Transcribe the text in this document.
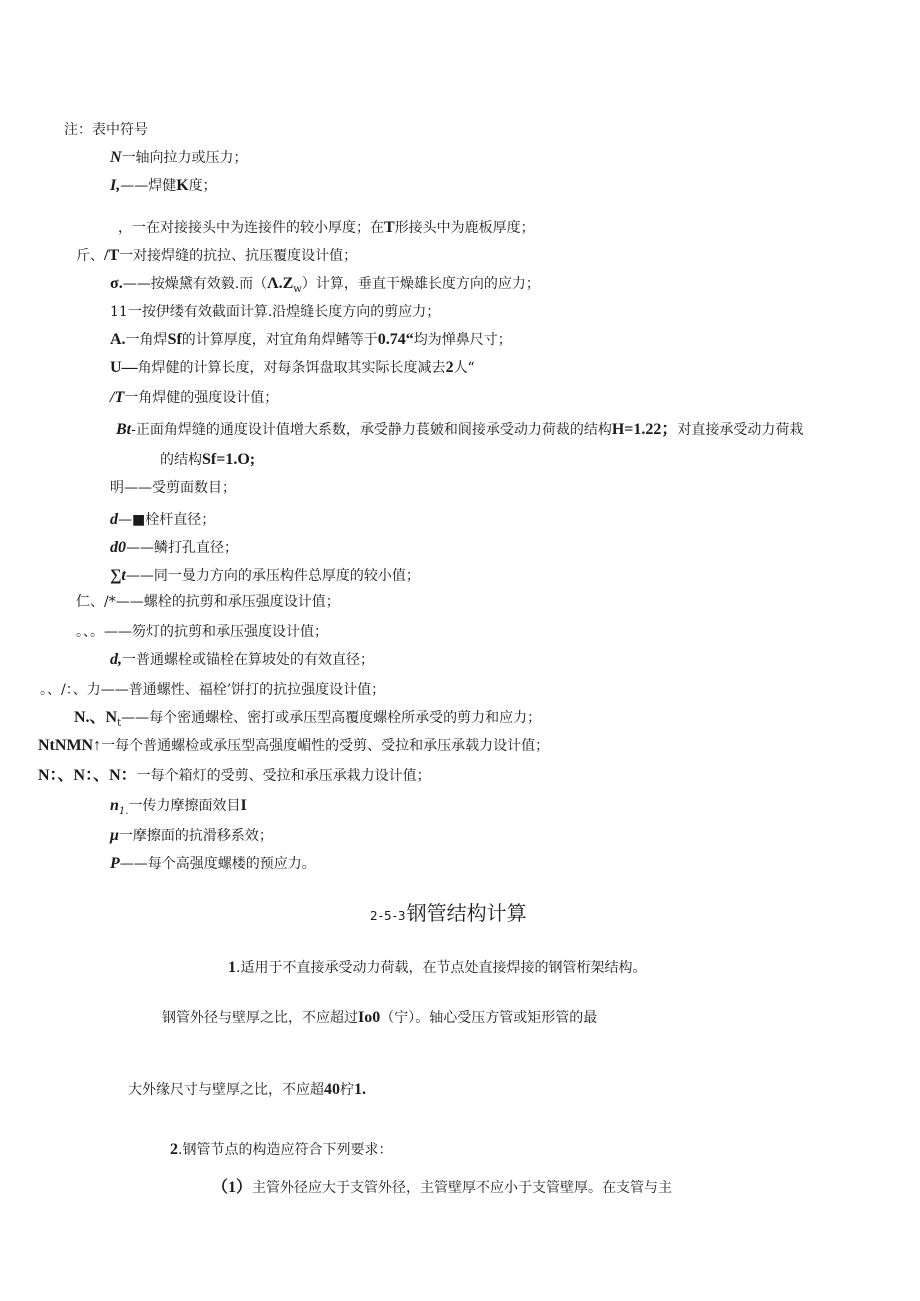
注：表中符号
N一轴向拉力或压力；
I,——焊健K度；
，一在对接接头中为连接件的较小厚度；在T形接头中为鹿板厚度；
斤、/T一对接焊缝的抗拉、抗压覆度设计值；
σ.——按燥黛有效毅.而$(\Lambda.Z_w)$计算，垂直干燥雄长度方向的应力；
11一按伊缕有效截面计算.沿煌缝长度方向的剪应力；
A.一角焊Sf的计算厚度，对宜角角焊鳍等于0.74“均为惮鼻尺寸；
U—角焊健的计算长度，对每条饵盘取其实际长度减去2人“
/T一角焊健的强度设计值；
Bt-正面角焊缝的通度设计值增大系数，承受静力萇皴和阆接承受动力荷裁的结构H=1.22；对直接承受动力荷栽
的结构Sf=1.O;
明——受剪面数目；
d—■栓杆直径；
d0——鳞打孔直径；
∑t——同一曼力方向的承压构件总厚度的较小值；
仁、/*——螺栓的抗剪和承压强度设计值；
。、。——笏灯的抗剪和承压强度设计值；
d,一普通螺栓或锚栓在算坡处的有效直径；
。、/：、力——普通螺性、福栓’饼打的抗拉强度设计值；
N.、$N_t——$每个密通螺栓、密打或承压型高覆度螺栓所承受的剪力和应力；
NtNMN↑一每个普通螺检或承压型高强度嵋性的受剪、受拉和承压承载力设计值；
N：、N：、N：一每个箱灯的受剪、受拉和承压承栽力设计值；
$n_{1.}$一传力摩擦面效目I
μ一摩擦面的抗滑移系效；
P——每个高强度螺楼的预应力。
2-5-3钢管结构计算
1.适用于不直接承受动力荷载，在节点处直接焊接的钢管桁架结构。
钢管外径与壁厚之比，不应超过Io0（宁）。轴心受压方管或矩形管的最
大外缘尺寸与壁厚之比，不应超40柠1.
2.钢管节点的构造应符合下列要求：
（1）主管外径应大于支管外径，主管壁厚不应小于支管壁厚。在支管与主
